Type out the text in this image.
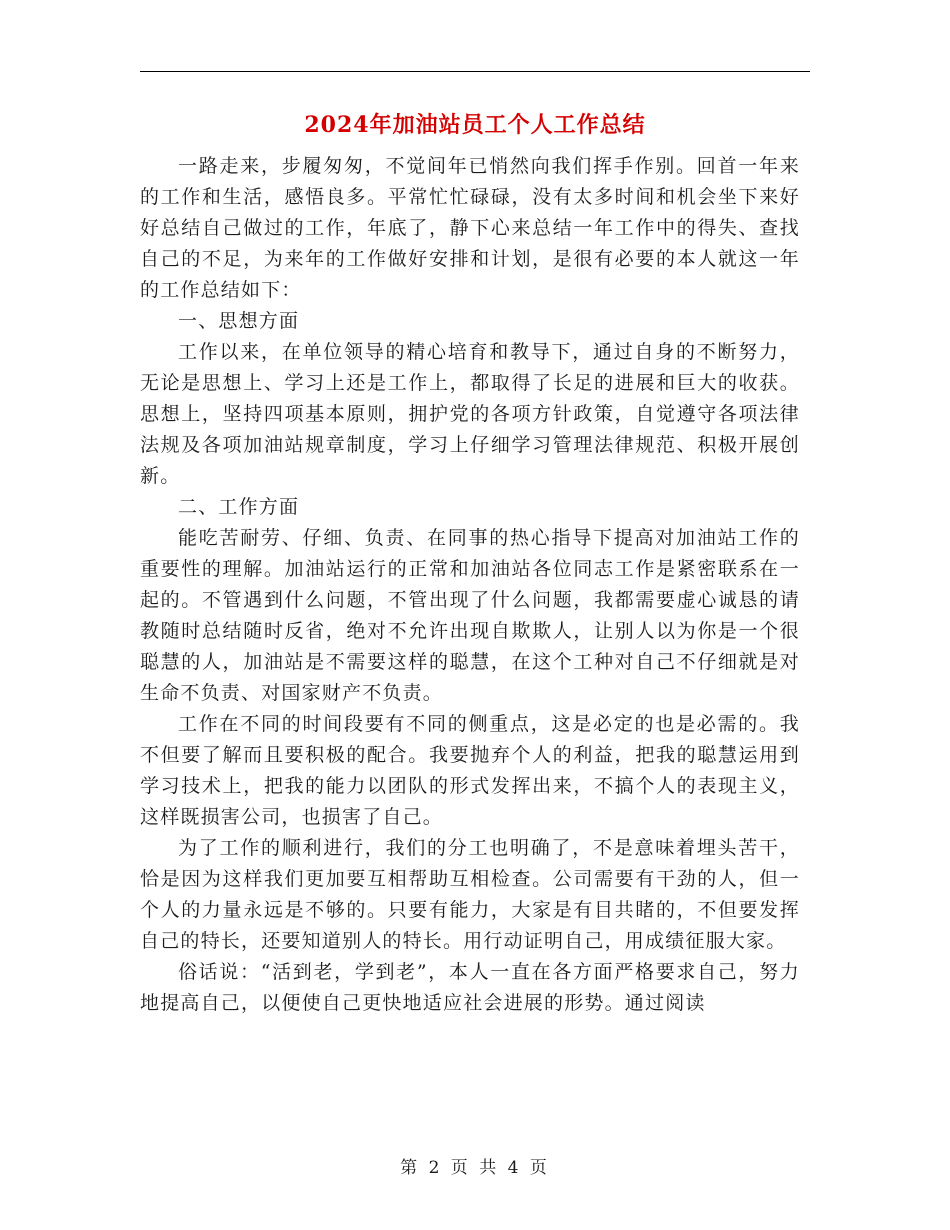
2024年加油站员工个人工作总结

一路走来，步履匆匆，不觉间年已悄然向我们挥手作别。回首一年来的工作和生活，感悟良多。平常忙忙碌碌，没有太多时间和机会坐下来好好总结自己做过的工作，年底了，静下心来总结一年工作中的得失、查找自己的不足，为来年的工作做好安排和计划，是很有必要的本人就这一年的工作总结如下：

一、思想方面

工作以来，在单位领导的精心培育和教导下，通过自身的不断努力，无论是思想上、学习上还是工作上，都取得了长足的进展和巨大的收获。思想上，坚持四项基本原则，拥护党的各项方针政策，自觉遵守各项法律法规及各项加油站规章制度，学习上仔细学习管理法律规范、积极开展创新。

二、工作方面

能吃苦耐劳、仔细、负责、在同事的热心指导下提高对加油站工作的重要性的理解。加油站运行的正常和加油站各位同志工作是紧密联系在一起的。不管遇到什么问题，不管出现了什么问题，我都需要虚心诚恳的请教随时总结随时反省，绝对不允许出现自欺欺人，让别人以为你是一个很聪慧的人，加油站是不需要这样的聪慧，在这个工种对自己不仔细就是对生命不负责、对国家财产不负责。

工作在不同的时间段要有不同的侧重点，这是必定的也是必需的。我不但要了解而且要积极的配合。我要抛弃个人的利益，把我的聪慧运用到学习技术上，把我的能力以团队的形式发挥出来，不搞个人的表现主义，这样既损害公司，也损害了自己。

为了工作的顺利进行，我们的分工也明确了，不是意味着埋头苦干，恰是因为这样我们更加要互相帮助互相检查。公司需要有干劲的人，但一个人的力量永远是不够的。只要有能力，大家是有目共睹的，不但要发挥自己的特长，还要知道别人的特长。用行动证明自己，用成绩征服大家。

俗话说：“活到老，学到老”，本人一直在各方面严格要求自己，努力地提高自己，以便使自己更快地适应社会进展的形势。通过阅读

第 2 页 共 4 页
